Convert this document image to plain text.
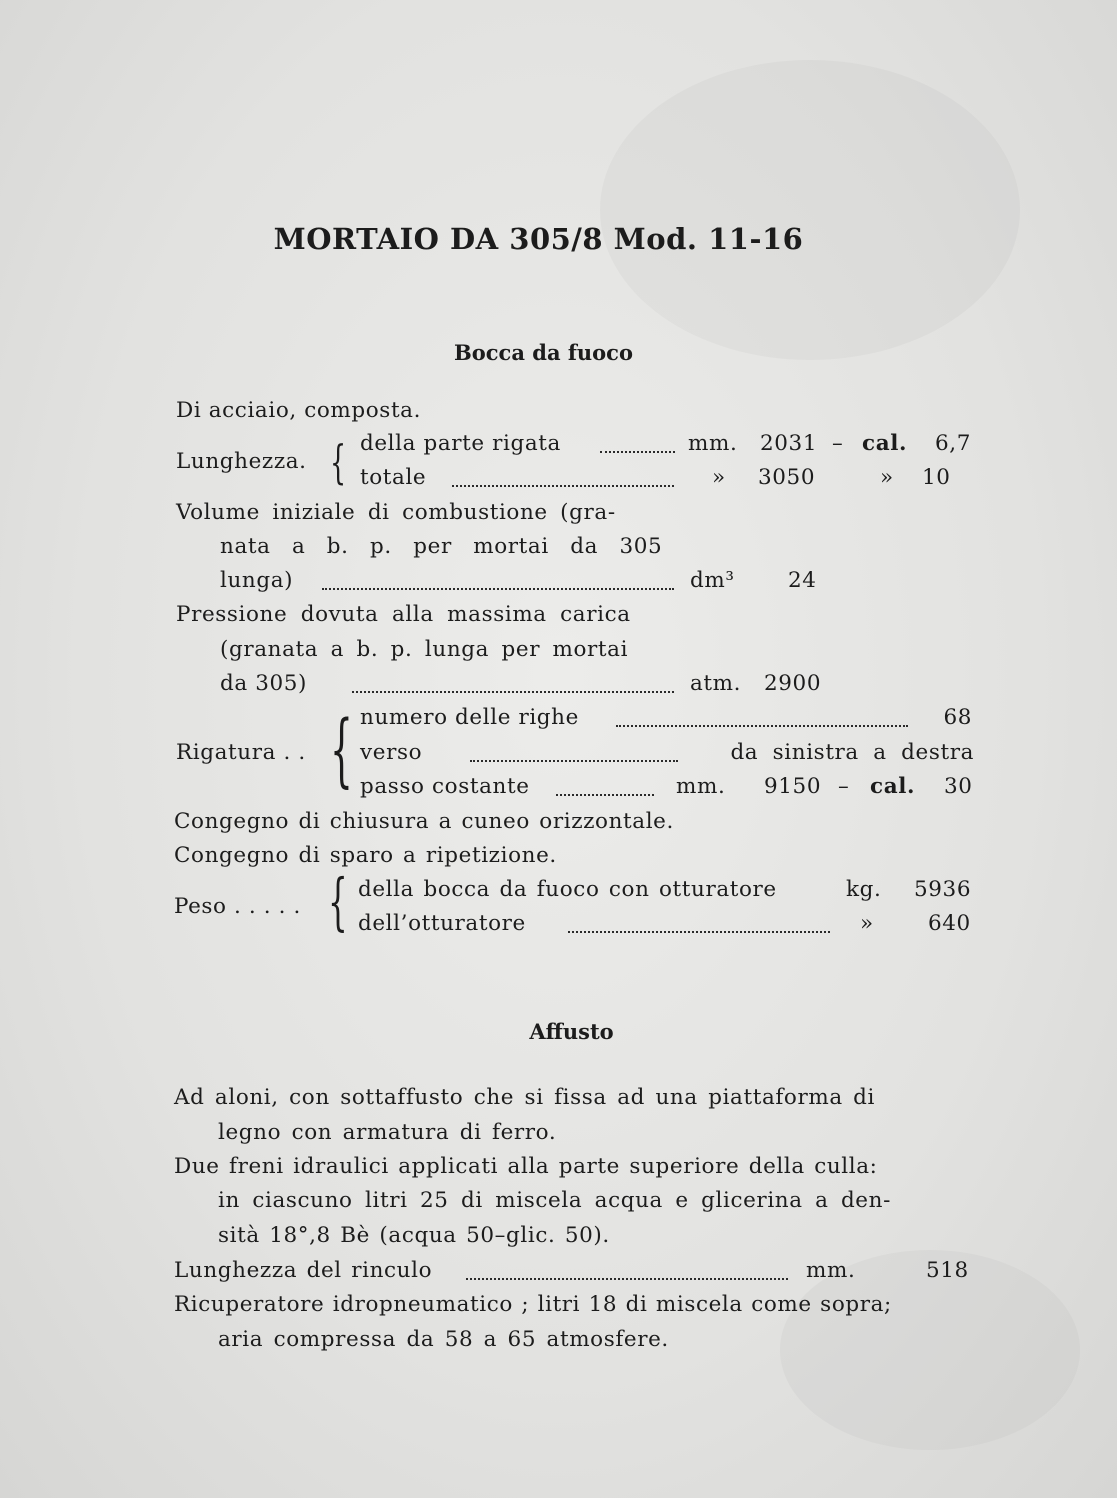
MORTAIO DA 305/8 Mod. 11-16
Bocca da fuoco
Di acciaio, composta.
Lunghezza. { della parte rigata	mm. 2031 – cal. 6,7
totale	» 3050	» 10
Volume iniziale di combustione (gra-
nata a b. p. per mortai da 305
lunga)	dm³ 24
Pressione dovuta alla massima carica
(granata a b. p. lunga per mortai
da 305)	atm. 2900
Rigatura . . { numero delle righe	68
verso	da sinistra a destra
passo costante	mm. 9150 – cal. 30
Congegno di chiusura a cuneo orizzontale.
Congegno di sparo a ripetizione.
Peso . . . . . { della bocca da fuoco con otturatore	kg. 5936
dell’otturatore	»	640
Affusto
Ad aloni, con sottaffusto che si fissa ad una piattaforma di
legno con armatura di ferro.
Due freni idraulici applicati alla parte superiore della culla:
in ciascuno litri 25 di miscela acqua e glicerina a den-
sità 18°,8 Bè (acqua 50–glic. 50).
Lunghezza del rinculo	mm.	518
Ricuperatore idropneumatico ; litri 18 di miscela come sopra;
aria compressa da 58 a 65 atmosfere.
